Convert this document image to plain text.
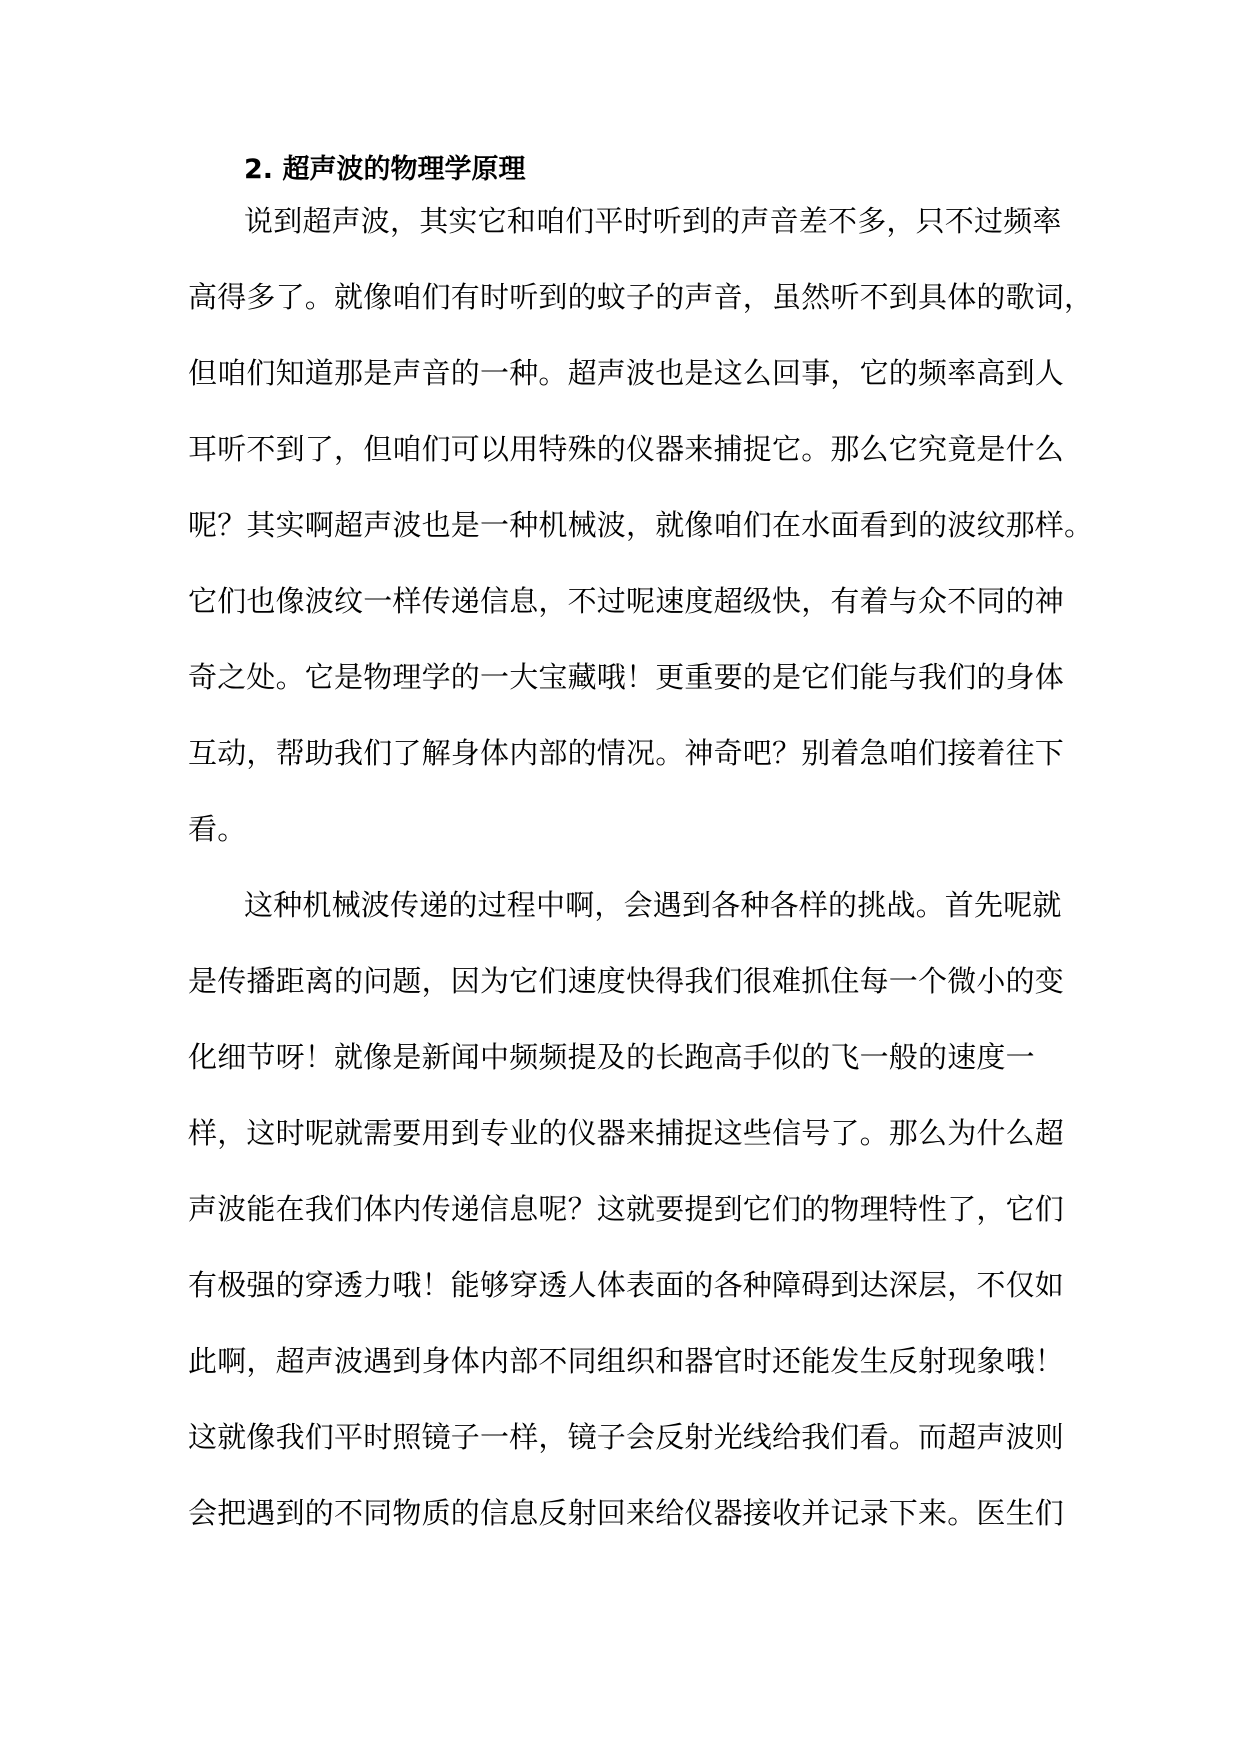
2. 超声波的物理学原理
说到超声波，其实它和咱们平时听到的声音差不多，只不过频率
高得多了。就像咱们有时听到的蚊子的声音，虽然听不到具体的歌词，
但咱们知道那是声音的一种。超声波也是这么回事，它的频率高到人
耳听不到了，但咱们可以用特殊的仪器来捕捉它。那么它究竟是什么
呢？其实啊超声波也是一种机械波，就像咱们在水面看到的波纹那样。
它们也像波纹一样传递信息，不过呢速度超级快，有着与众不同的神
奇之处。它是物理学的一大宝藏哦！更重要的是它们能与我们的身体
互动，帮助我们了解身体内部的情况。神奇吧？别着急咱们接着往下
看。
这种机械波传递的过程中啊，会遇到各种各样的挑战。首先呢就
是传播距离的问题，因为它们速度快得我们很难抓住每一个微小的变
化细节呀！就像是新闻中频频提及的长跑高手似的飞一般的速度一
样，这时呢就需要用到专业的仪器来捕捉这些信号了。那么为什么超
声波能在我们体内传递信息呢？这就要提到它们的物理特性了，它们
有极强的穿透力哦！能够穿透人体表面的各种障碍到达深层，不仅如
此啊，超声波遇到身体内部不同组织和器官时还能发生反射现象哦！
这就像我们平时照镜子一样，镜子会反射光线给我们看。而超声波则
会把遇到的不同物质的信息反射回来给仪器接收并记录下来。医生们
